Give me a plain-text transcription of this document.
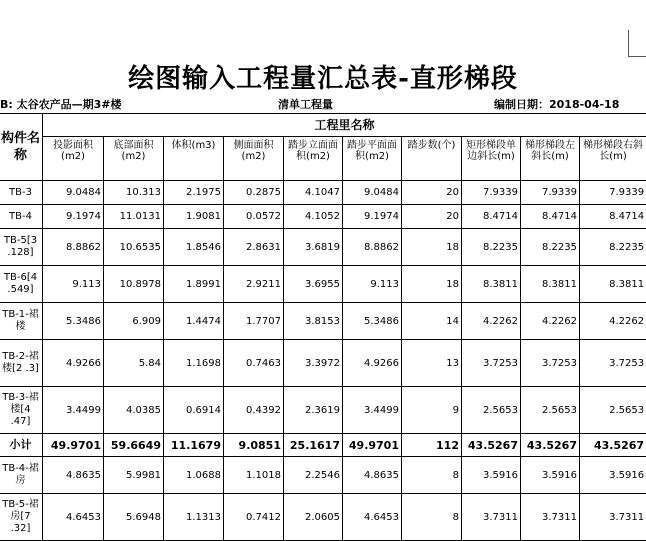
绘图输入工程量汇总表-直形梯段
B: 太谷农产品—期3#楼	清单工程量	编制日期：2018-04-18
构件名称	工程里名称									
	投影面积(m2)	底部面积(m2)	体积(m3)	侧面面积(m2)	踏步立面面积(m2)	踏步平面面积(m2)	踏步数(个)	矩形梯段单边斜长(m)	梯形梯段左斜长(m)	梯形梯段右斜长(m)
TB-3	9.0484	10.313	2.1975	0.2875	4.1047	9.0484	20	7.9339	7.9339	7.9339
TB-4	9.1974	11.0131	1.9081	0.0572	4.1052	9.1974	20	8.4714	8.4714	8.4714
TB-5[3 .128]	8.8862	10.6535	1.8546	2.8631	3.6819	8.8862	18	8.2235	8.2235	8.2235
TB-6[4 .549]	9.113	10.8978	1.8991	2.9211	3.6955	9.113	18	8.3811	8.3811	8.3811
TB-1-裙楼	5.3486	6.909	1.4474	1.7707	3.8153	5.3486	14	4.2262	4.2262	4.2262
TB-2-裙楼[2 .3]	4.9266	5.84	1.1698	0.7463	3.3972	4.9266	13	3.7253	3.7253	3.7253
TB-3-裙楼[4 .47]	3.4499	4.0385	0.6914	0.4392	2.3619	3.4499	9	2.5653	2.5653	2.5653
小计	49.9701	59.6649	11.1679	9.0851	25.1617	49.9701	112	43.5267	43.5267	43.5267
TB-4-裙房	4.8635	5.9981	1.0688	1.1018	2.2546	4.8635	8	3.5916	3.5916	3.5916
TB-5-裙房[7 .32]	4.6453	5.6948	1.1313	0.7412	2.0605	4.6453	8	3.7311	3.7311	3.7311
